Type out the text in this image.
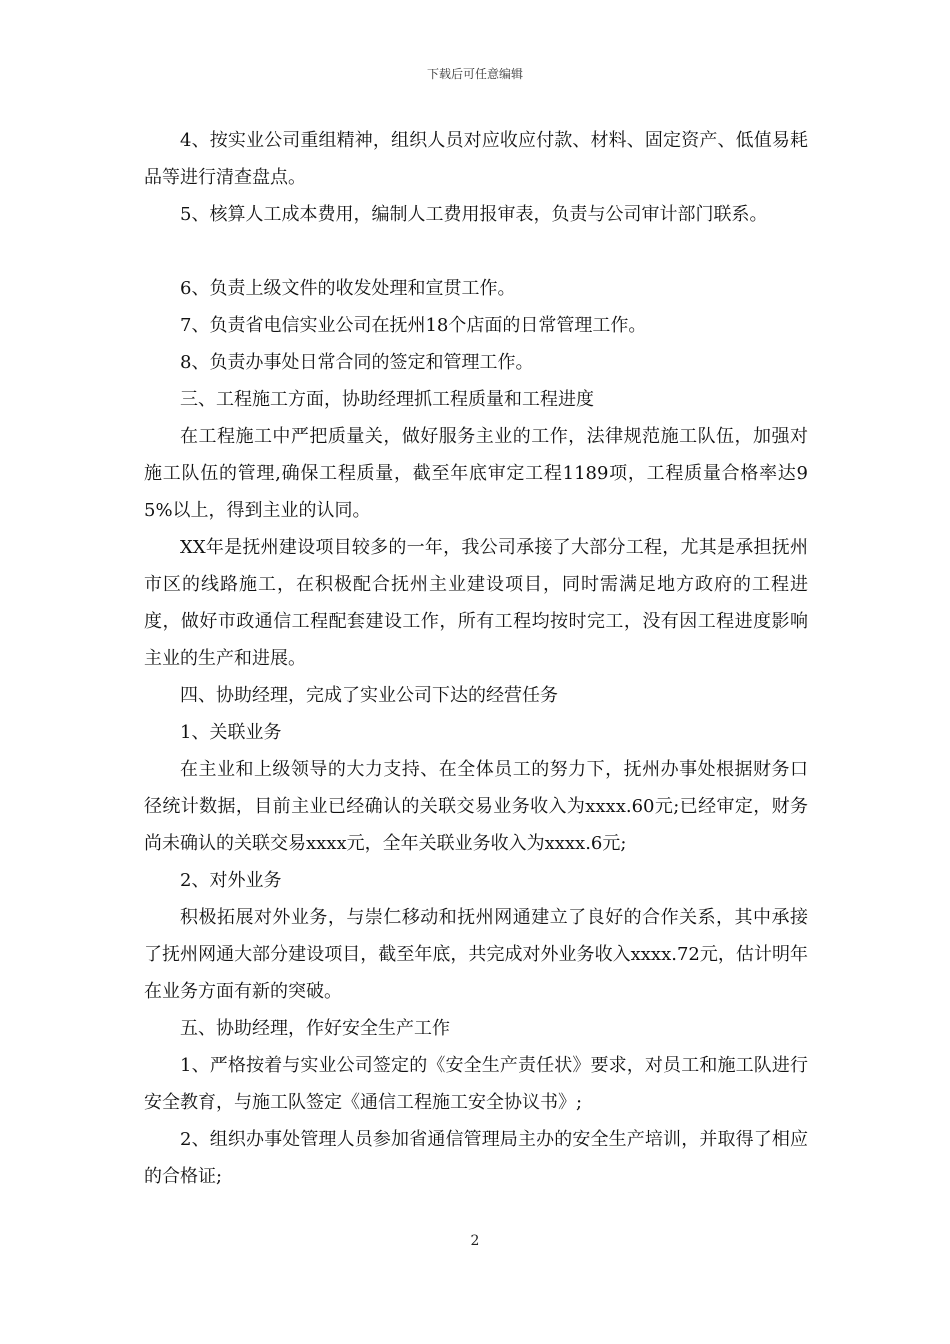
下载后可任意编辑

4、按实业公司重组精神，组织人员对应收应付款、材料、固定资产、低值易耗品等进行清查盘点。

5、核算人工成本费用，编制人工费用报审表，负责与公司审计部门联系。

6、负责上级文件的收发处理和宣贯工作。

7、负责省电信实业公司在抚州18个店面的日常管理工作。

8、负责办事处日常合同的签定和管理工作。

三、工程施工方面，协助经理抓工程质量和工程进度

在工程施工中严把质量关，做好服务主业的工作，法律规范施工队伍，加强对施工队伍的管理,确保工程质量，截至年底审定工程1189项，工程质量合格率达95%以上，得到主业的认同。

XX年是抚州建设项目较多的一年，我公司承接了大部分工程，尤其是承担抚州市区的线路施工，在积极配合抚州主业建设项目，同时需满足地方政府的工程进度，做好市政通信工程配套建设工作，所有工程均按时完工，没有因工程进度影响主业的生产和进展。

四、协助经理，完成了实业公司下达的经营任务

1、关联业务

在主业和上级领导的大力支持、在全体员工的努力下，抚州办事处根据财务口径统计数据，目前主业已经确认的关联交易业务收入为xxxx.60元;已经审定，财务尚未确认的关联交易xxxx元，全年关联业务收入为xxxx.6元;

2、对外业务

积极拓展对外业务，与崇仁移动和抚州网通建立了良好的合作关系，其中承接了抚州网通大部分建设项目，截至年底，共完成对外业务收入xxxx.72元，估计明年在业务方面有新的突破。

五、协助经理，作好安全生产工作

1、严格按着与实业公司签定的《安全生产责任状》要求，对员工和施工队进行安全教育，与施工队签定《通信工程施工安全协议书》;

2、组织办事处管理人员参加省通信管理局主办的安全生产培训，并取得了相应的合格证;

2
